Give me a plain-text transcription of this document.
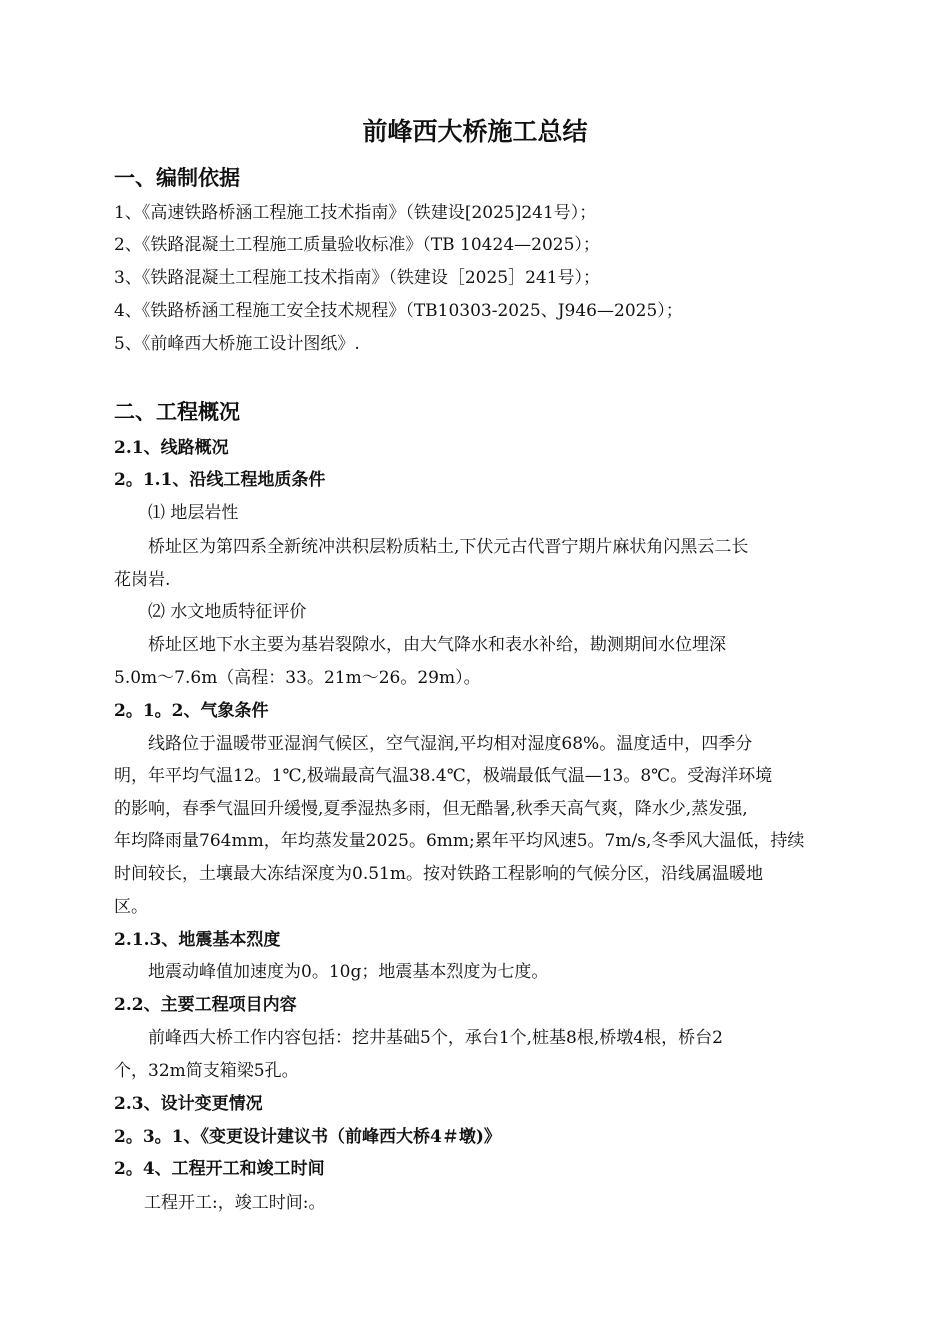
前峰西大桥施工总结
一、编制依据
1、《高速铁路桥涵工程施工技术指南》（铁建设[2025]241号）；
2、《铁路混凝土工程施工质量验收标准》（TB 10424—2025）；
3、《铁路混凝土工程施工技术指南》（铁建设［2025］241号）；
4、《铁路桥涵工程施工安全技术规程》（TB10303-2025、J946—2025）；
5、《前峰西大桥施工设计图纸》.
二、工程概况
2.1、线路概况
2。1.1、沿线工程地质条件
⑴ 地层岩性
桥址区为第四系全新统冲洪积层粉质粘土,下伏元古代晋宁期片麻状角闪黑云二长
花岗岩.
⑵ 水文地质特征评价
桥址区地下水主要为基岩裂隙水，由大气降水和表水补给，勘测期间水位埋深
5.0m～7.6m（高程：33。21m～26。29m）。
2。1。2、气象条件
线路位于温暖带亚湿润气候区，空气湿润,平均相对湿度68%。温度适中，四季分
明，年平均气温12。1℃,极端最高气温38.4℃，极端最低气温—13。8℃。受海洋环境
的影响，春季气温回升缓慢,夏季湿热多雨，但无酷暑,秋季天高气爽，降水少,蒸发强,
年均降雨量764mm，年均蒸发量2025。6mm;累年平均风速5。7m/s,冬季风大温低，持续
时间较长，土壤最大冻结深度为0.51m。按对铁路工程影响的气候分区，沿线属温暖地
区。
2.1.3、地震基本烈度
地震动峰值加速度为0。10g；地震基本烈度为七度。
2.2、主要工程项目内容
前峰西大桥工作内容包括：挖井基础5个，承台1个,桩基8根,桥墩4根，桥台2
个，32m简支箱梁5孔。
2.3、设计变更情况
2。3。1、《变更设计建议书（前峰西大桥4＃墩)》
2。4、工程开工和竣工时间
工程开工:，竣工时间:。
